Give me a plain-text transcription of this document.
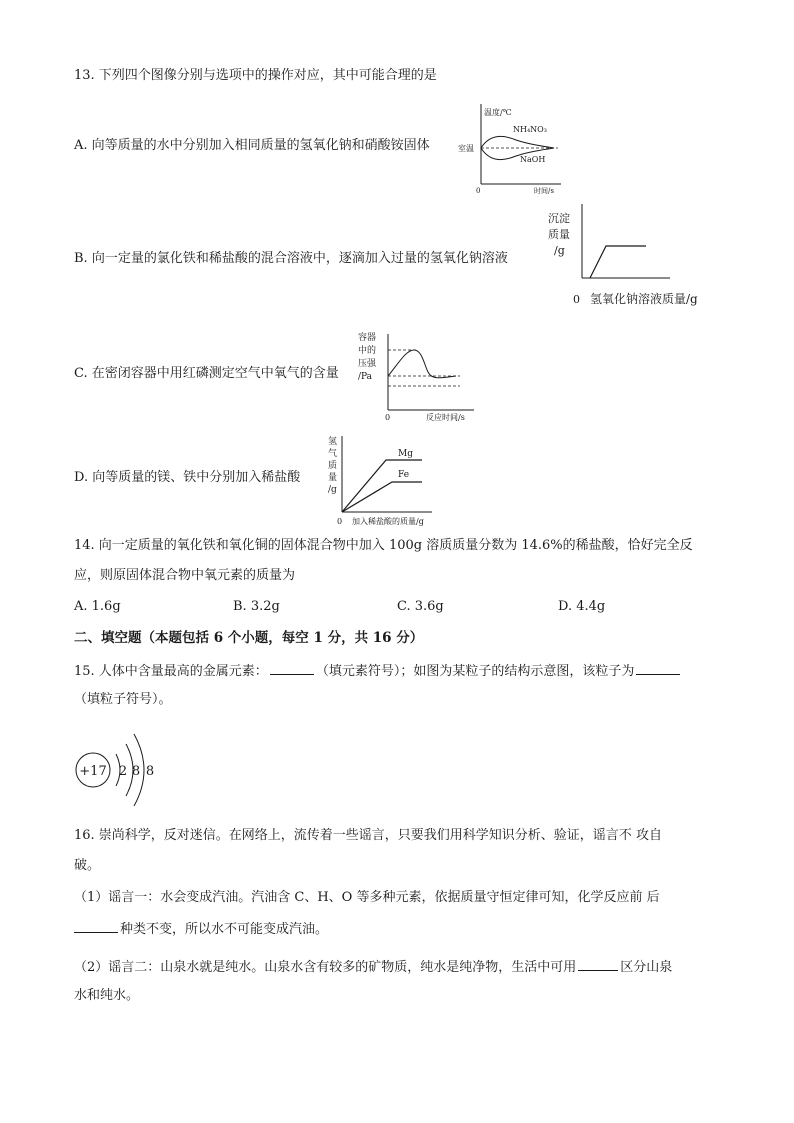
13. 下列四个图像分别与选项中的操作对应，其中可能合理的是
A. 向等质量的水中分别加入相同质量的氢氧化钠和硝酸铵固体
温度/℃
室温
NH₄NO₃
NaOH
0	时间/s
B. 向一定量的氯化铁和稀盐酸的混合溶液中，逐滴加入过量的氢氧化钠溶液
沉淀
质量
/g
0 氢氧化钠溶液质量/g
C. 在密闭容器中用红磷测定空气中氧气的含量
容器
中的
压强
/Pa
0	反应时间/s
D. 向等质量的镁、铁中分别加入稀盐酸
氢
气
质
量
/g
Mg
Fe
0 加入稀盐酸的质量/g
14. 向一定质量的氧化铁和氧化铜的固体混合物中加入 100g 溶质质量分数为 14.6%的稀盐酸，恰好完全反
应，则原固体混合物中氧元素的质量为
A. 1.6g	B. 3.2g	C. 3.6g	D. 4.4g
二、填空题（本题包括 6 个小题，每空 1 分，共 16 分）
15. 人体中含量最高的金属元素：	（填元素符号）；如图为某粒子的结构示意图，该粒子为
（填粒子符号）。
+17 2 8 8
16. 崇尚科学，反对迷信。在网络上，流传着一些谣言，只要我们用科学知识分析、验证，谣言不 攻自
破。
（1）谣言一：水会变成汽油。汽油含 C、H、O 等多种元素，依据质量守恒定律可知，化学反应前 后
种类不变，所以水不可能变成汽油。
（2）谣言二：山泉水就是纯水。山泉水含有较多的矿物质，纯水是纯净物，生活中可用	区分山泉
水和纯水。
